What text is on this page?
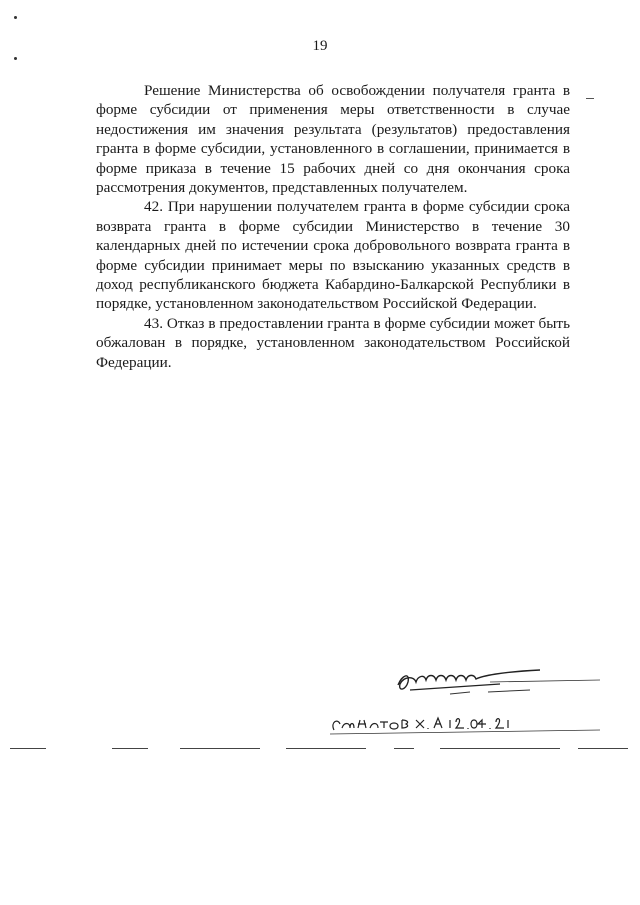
19

Решение Министерства об освобождении получателя гранта в форме субсидии от применения меры ответственности в случае недостижения им значения результата (результатов) предоставления гранта в форме субсидии, установленного в соглашении, принимается в форме приказа в течение 15 рабочих дней со дня окончания срока рассмотрения документов, представленных получателем.

42. При нарушении получателем гранта в форме субсидии срока возврата гранта в форме субсидии Министерство в течение 30 календарных дней по истечении срока добровольного возврата гранта в форме субсидии принимает меры по взысканию указанных средств в доход республиканского бюджета Кабардино-Балкарской Республики в порядке, установленном законодательством Российской Федерации.

43. Отказ в предоставлении гранта в форме субсидии может быть обжалован в порядке, установленном законодательством Российской Федерации.
